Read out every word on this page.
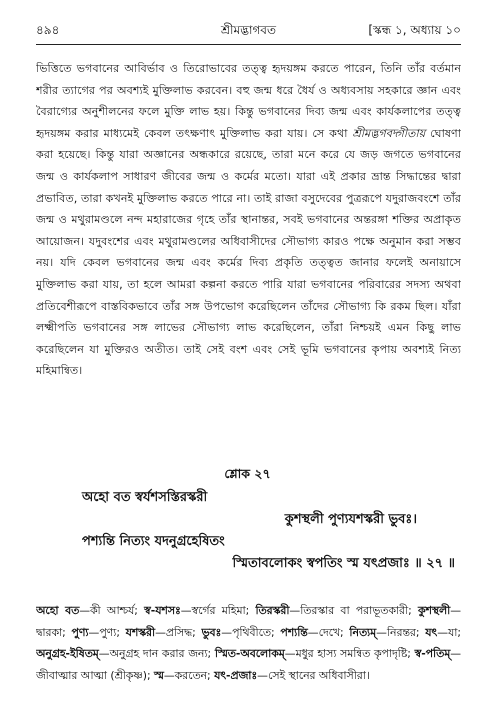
৪৯৪	শ্রীমদ্ভাগবত	[স্কন্ধ ১, অধ্যায় ১০

ভিত্তিতে ভগবানের আবির্ভাব ও তিরোভাবের তত্ত্ব হৃদয়ঙ্গম করতে পারেন, তিনি তাঁর বর্তমান শরীর ত্যাগের পর অবশ্যই মুক্তিলাভ করবেন। বহু জন্ম ধরে ধৈর্য ও অধ্যবসায় সহকারে জ্ঞান এবং বৈরাগ্যের অনুশীলনের ফলে মুক্তি লাভ হয়। কিন্তু ভগবানের দিব্য জন্ম এবং কার্যকলাপের তত্ত্ব হৃদয়ঙ্গম করার মাধ্যমেই কেবল তৎক্ষণাৎ মুক্তিলাভ করা যায়। সে কথা শ্রীমদ্ভগবদ্গীতায় ঘোষণা করা হয়েছে। কিন্তু যারা অজ্ঞানের অন্ধকারে রয়েছে, তারা মনে করে যে জড় জগতে ভগবানের জন্ম ও কার্যকলাপ সাধারণ জীবের জন্ম ও কর্মের মতো। যারা এই প্রকার ভ্রান্ত সিদ্ধান্তের দ্বারা প্রভাবিত, তারা কখনই মুক্তিলাভ করতে পারে না। তাই রাজা বসুদেবের পুত্ররূপে যদুরাজবংশে তাঁর জন্ম ও মথুরামণ্ডলে নন্দ মহারাজের গৃহে তাঁর স্থানান্তর, সবই ভগবানের অন্তরঙ্গা শক্তির অপ্রাকৃত আয়োজন। যদুবংশের এবং মথুরামণ্ডলের অধিবাসীদের সৌভাগ্য কারও পক্ষে অনুমান করা সম্ভব নয়। যদি কেবল ভগবানের জন্ম এবং কর্মের দিব্য প্রকৃতি তত্ত্বত জানার ফলেই অনায়াসে মুক্তিলাভ করা যায়, তা হলে আমরা কল্পনা করতে পারি যারা ভগবানের পরিবারের সদস্য অথবা প্রতিবেশীরূপে বাস্তবিকভাবে তাঁর সঙ্গ উপভোগ করেছিলেন তাঁদের সৌভাগ্য কি রকম ছিল। যাঁরা লক্ষ্মীপতি ভগবানের সঙ্গ লাভের সৌভাগ্য লাভ করেছিলেন, তাঁরা নিশ্চয়ই এমন কিছু লাভ করেছিলেন যা মুক্তিরও অতীত। তাই সেই বংশ এবং সেই ভূমি ভগবানের কৃপায় অবশ্যই নিত্য মহিমান্বিত।

শ্লোক ২৭
অহো বত স্বর্যশসস্তিরস্করী
কুশস্থলী পুণ্যযশস্করী ভুবঃ।
পশ্যন্তি নিত্যং যদনুগ্রহেষিতং
স্মিতাবলোকং স্বপতিং স্ম যৎপ্রজাঃ ॥ ২৭ ॥
অহো বত—কী আশ্চর্য; স্ব-যশসঃ—স্বর্গের মহিমা; তিরস্করী—তিরস্কার বা পরাভূতকারী; কুশস্থলী—দ্বারকা; পুণ্য—পুণ্য; যশস্করী—প্রসিদ্ধ; ভুবঃ—পৃথিবীতে; পশ্যন্তি—দেখে; নিত্যম্—নিরন্তর; যৎ—যা; অনুগ্রহ-ইষিতম্—অনুগ্রহ দান করার জন্য; স্মিত-অবলোকম্—মধুর হাস্য সমন্বিত কৃপাদৃষ্টি; স্ব-পতিম্—জীবাত্মার আত্মা (শ্রীকৃষ্ণ); স্ম—করতেন; যৎ-প্রজাঃ—সেই স্থানের অধিবাসীরা।
